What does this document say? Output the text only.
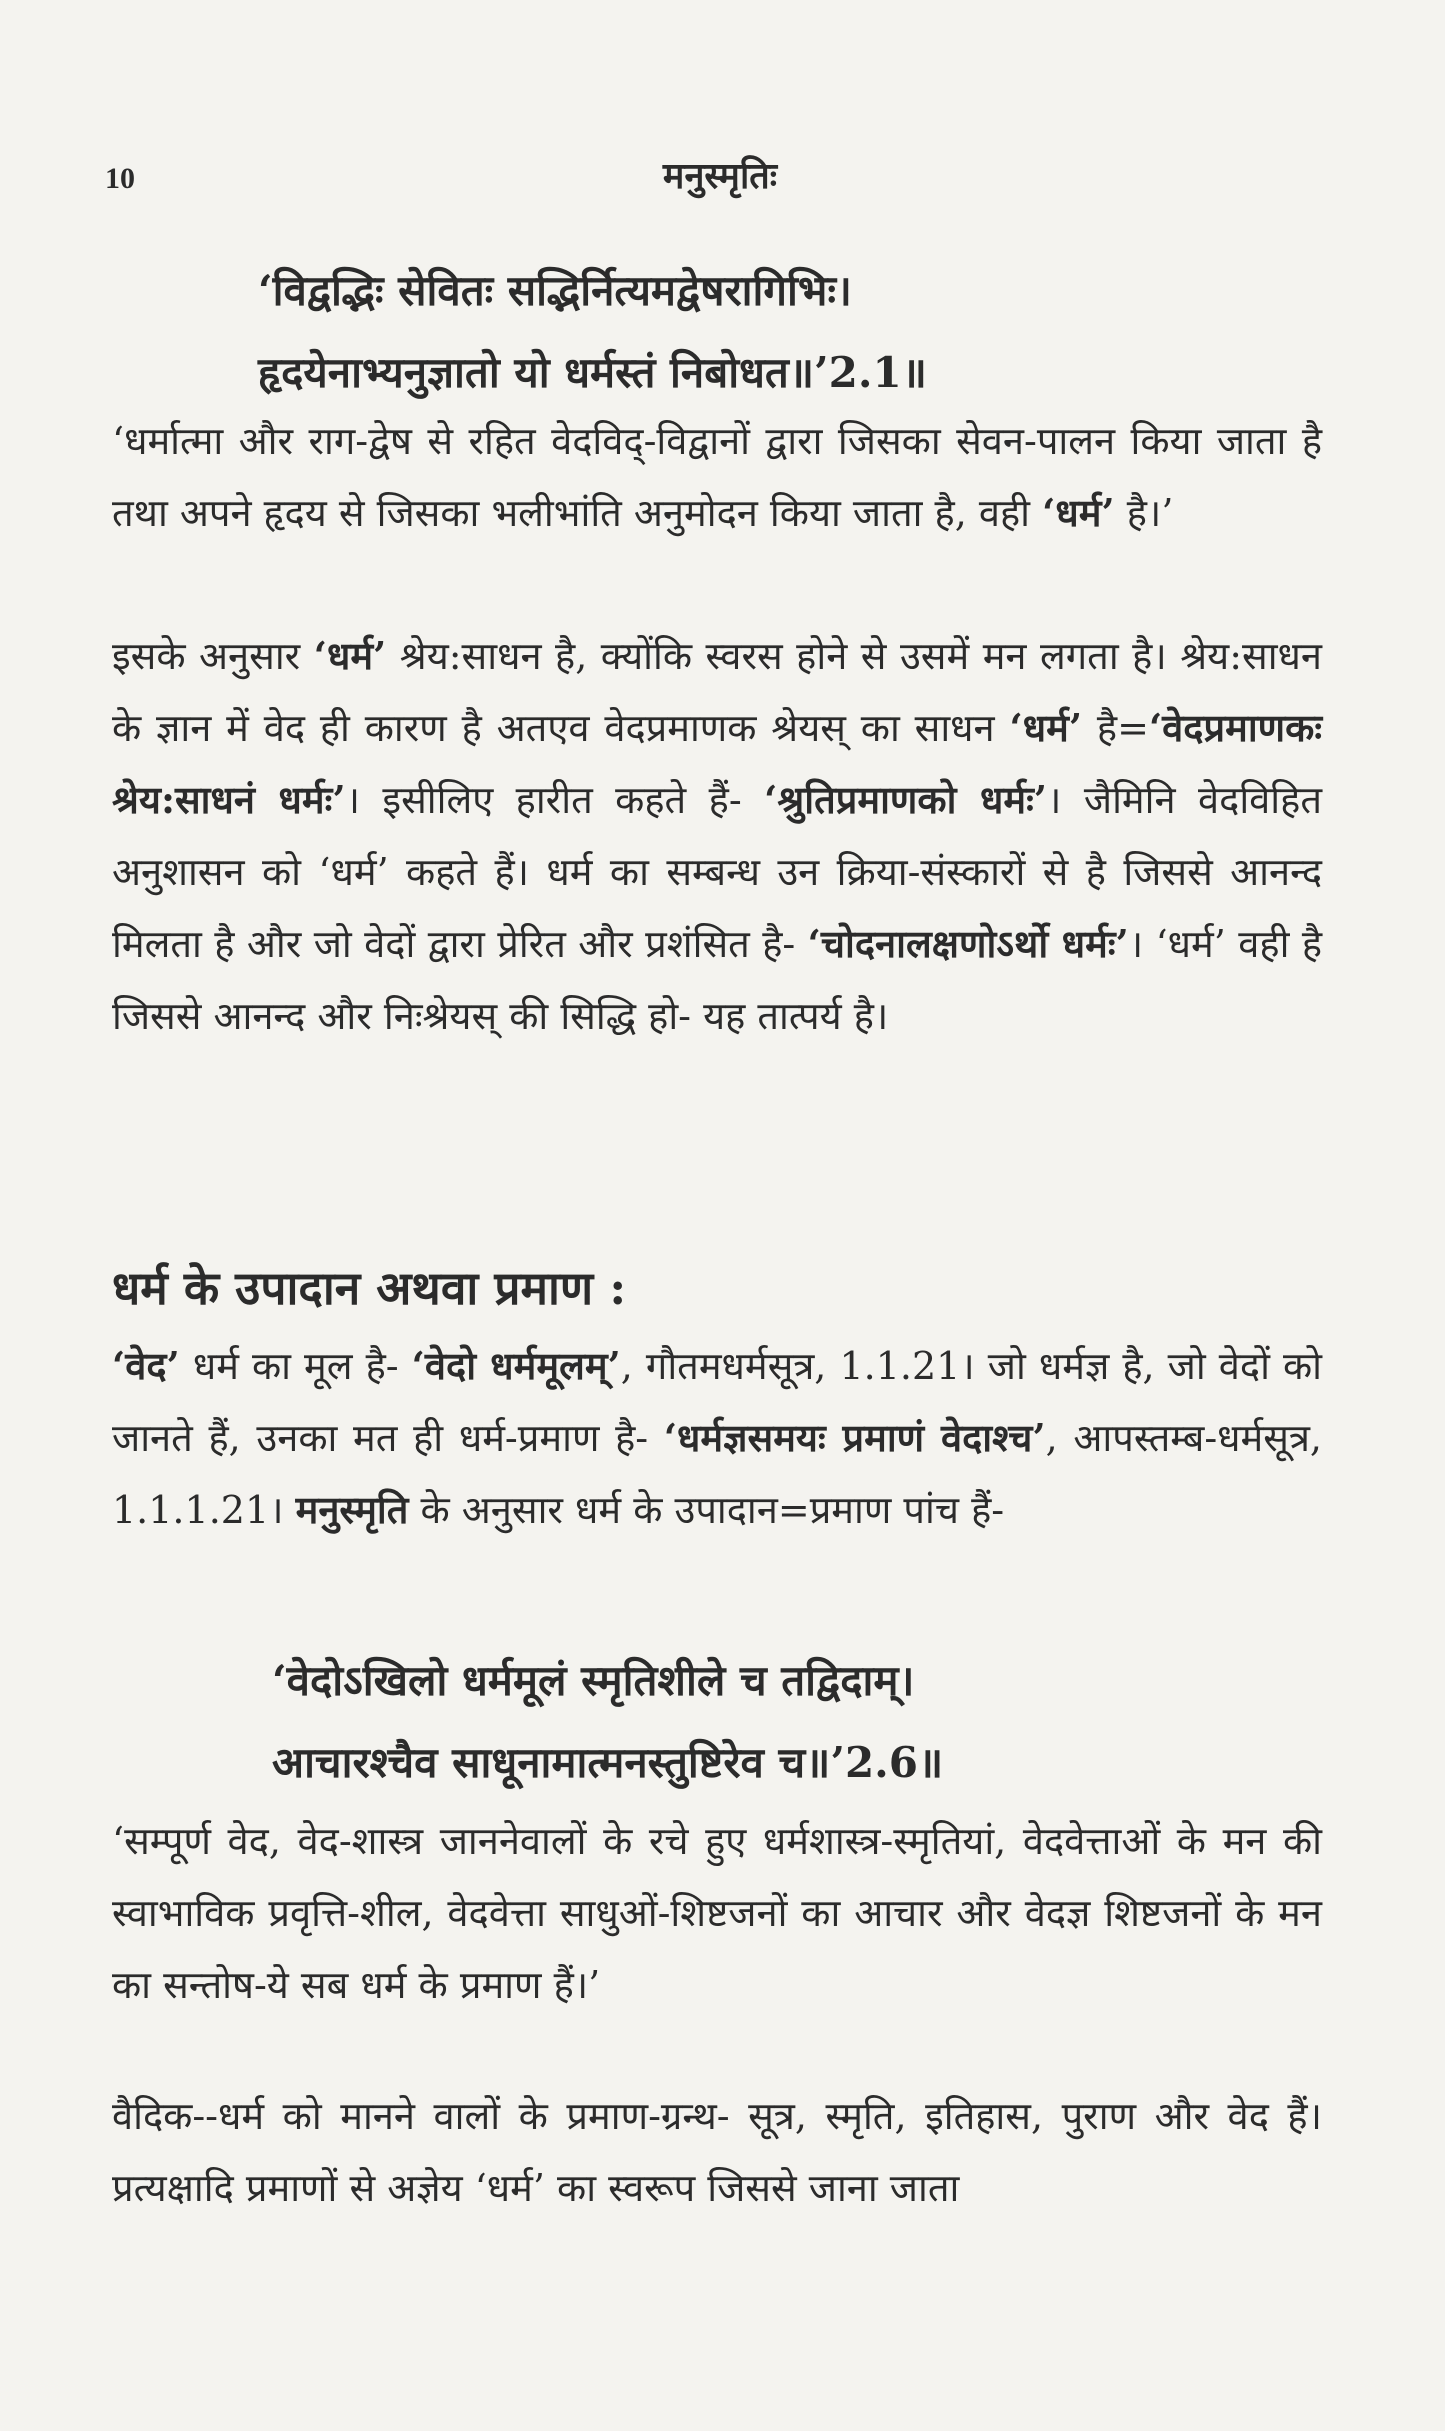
10	मनुस्मृतिः
‘विद्वद्भिः सेवितः सद्भिर्नित्यमद्वेषरागिभिः।
हृदयेनाभ्यनुज्ञातो यो धर्मस्तं निबोधत॥’2.1॥
‘धर्मात्मा और राग-द्वेष से रहित वेदविद्-विद्वानों द्वारा जिसका सेवन-पालन किया जाता है तथा अपने हृदय से जिसका भलीभांति अनुमोदन किया जाता है, वही ‘धर्म’ है।’
इसके अनुसार ‘धर्म’ श्रेय:साधन है, क्योंकि स्वरस होने से उसमें मन लगता है। श्रेय:साधन के ज्ञान में वेद ही कारण है अतएव वेदप्रमाणक श्रेयस् का साधन ‘धर्म’ है=‘वेदप्रमाणकः श्रेय:साधनं धर्मः’। इसीलिए हारीत कहते हैं- ‘श्रुतिप्रमाणको धर्मः’। जैमिनि वेदविहित अनुशासन को ‘धर्म’ कहते हैं। धर्म का सम्बन्ध उन क्रिया-संस्कारों से है जिससे आनन्द मिलता है और जो वेदों द्वारा प्रेरित और प्रशंसित है- ‘चोदनालक्षणोऽर्थो धर्मः’। ‘धर्म’ वही है जिससे आनन्द और निःश्रेयस् की सिद्धि हो- यह तात्पर्य है।
धर्म के उपादान अथवा प्रमाण :
‘वेद’ धर्म का मूल है- ‘वेदो धर्ममूलम्’, गौतमधर्मसूत्र, 1.1.21। जो धर्मज्ञ है, जो वेदों को जानते हैं, उनका मत ही धर्म-प्रमाण है- ‘धर्मज्ञसमयः प्रमाणं वेदाश्च’, आपस्तम्ब-धर्मसूत्र, 1.1.1.21। मनुस्मृति के अनुसार धर्म के उपादान=प्रमाण पांच हैं-
‘वेदोऽखिलो धर्ममूलं स्मृतिशीले च तद्विदाम्।
आचारश्चैव साधूनामात्मनस्तुष्टिरेव च॥’2.6॥
‘सम्पूर्ण वेद, वेद-शास्त्र जाननेवालों के रचे हुए धर्मशास्त्र-स्मृतियां, वेदवेत्ताओं के मन की स्वाभाविक प्रवृत्ति-शील, वेदवेत्ता साधुओं-शिष्टजनों का आचार और वेदज्ञ शिष्टजनों के मन का सन्तोष-ये सब धर्म के प्रमाण हैं।’
वैदिक--धर्म को मानने वालों के प्रमाण-ग्रन्थ- सूत्र, स्मृति, इतिहास, पुराण और वेद हैं। प्रत्यक्षादि प्रमाणों से अज्ञेय ‘धर्म’ का स्वरूप जिससे जाना जाता
